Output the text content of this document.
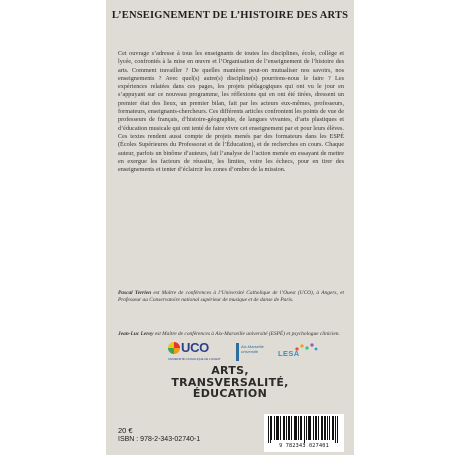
L’ENSEIGNEMENT DE L’HISTOIRE DES ARTS

Cet ouvrage s’adresse à tous les enseignants de toutes les disciplines, école, collège et lycée, confrontés à la mise en œuvre et l’Organisation de l’enseignement de l’histoire des arts. Comment travailler ? De quelles manières peut-on mutualiser nos savoirs, nos enseignements ? Avec quel(s) autre(s) discipline(s) pourrions-nous le faire ? Les expériences relatées dans ces pages, les projets pédagogiques qui ont vu le jour en s’appuyant sur ce nouveau programme, les réflexions qui en ont été tirées, dressent un premier état des lieux, un premier bilan, fait par les acteurs eux-mêmes, professeurs, formateurs, enseignants-chercheurs. Ces différents articles confrontent les points de vue de professeurs de français, d’histoire-géographie, de langues vivantes, d’arts plastiques et d’éducation musicale qui ont tenté de faire vivre cet enseignement par et pour leurs élèves. Ces textes rendent aussi compte de projets menés par des formateurs dans les ESPÉ (Écoles Supérieures du Professorat et de l’Éducation), et de recherches en cours. Chaque auteur, parfois un binôme d’auteurs, fait l’analyse de l’action menée en essayant de mettre en exergue les facteurs de réussite, les limites, voire les échecs, pour en tirer des enseignements et tenter d’éclaircir les zones d’ombre de la mission.

Pascal Terrien est Maître de conférences à l’Université Catholique de l’Ouest (UCO), à Angers, et Professeur au Conservatoire national supérieur de musique et de danse de Paris.

Jean-Luc Leroy est Maître de conférences à Aix-Marseille université (ESPÉ) et psychologue clinicien.

UCO
UNIVERSITÉ CATHOLIQUE DE L’OUEST
Aix-Marseille université	LESA
ARTS,
TRANSVERSALITÉ,
ÉDUCATION

20 €

ISBN : 978-2-343-02740-1

9 782343 027401
